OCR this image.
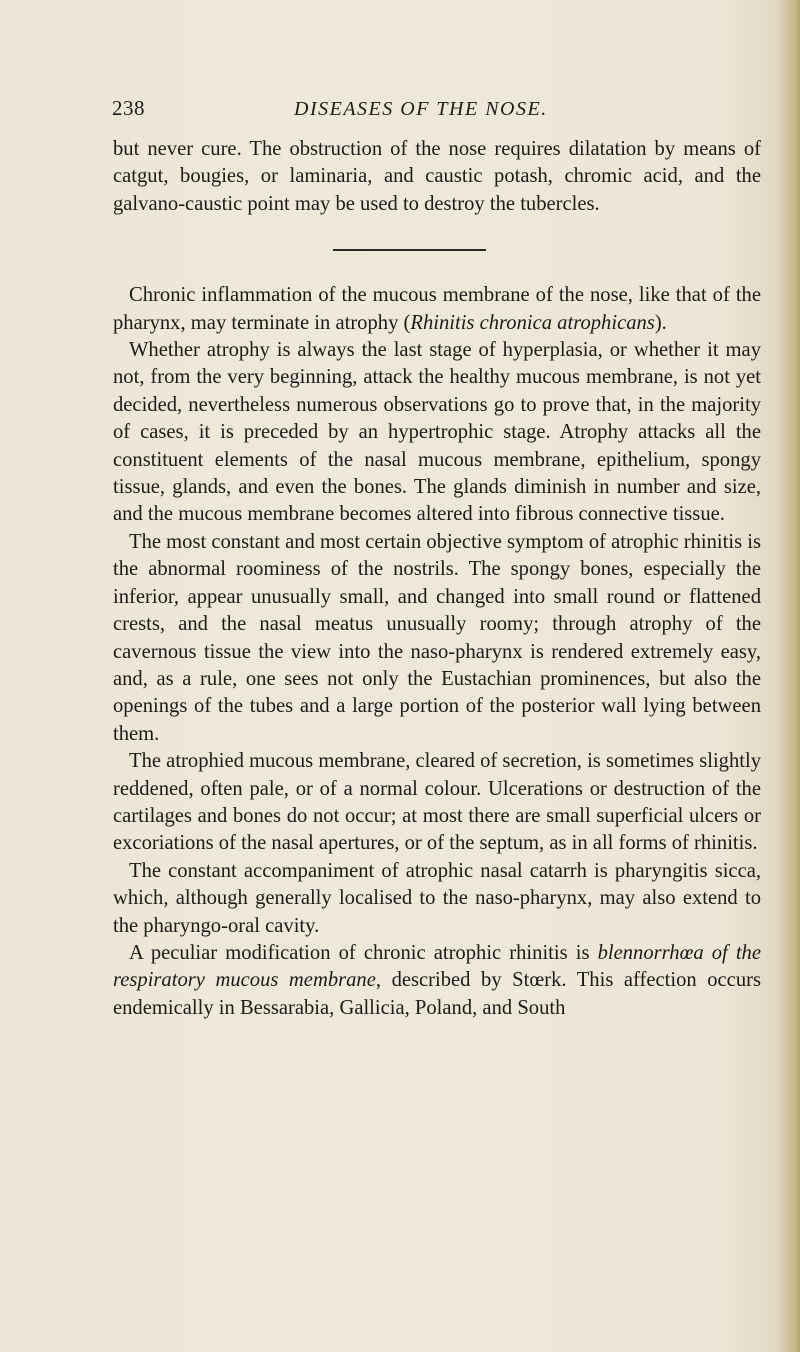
238	DISEASES OF THE NOSE.

but never cure. The obstruction of the nose requires dilatation by means of catgut, bougies, or laminaria, and caustic potash, chromic acid, and the galvano-caustic point may be used to destroy the tubercles.

Chronic inflammation of the mucous membrane of the nose, like that of the pharynx, may terminate in atrophy (Rhinitis chronica atrophicans).

Whether atrophy is always the last stage of hyperplasia, or whether it may not, from the very beginning, attack the healthy mucous membrane, is not yet decided, nevertheless numerous observations go to prove that, in the majority of cases, it is preceded by an hypertrophic stage. Atrophy attacks all the constituent elements of the nasal mucous membrane, epithelium, spongy tissue, glands, and even the bones. The glands diminish in number and size, and the mucous membrane becomes altered into fibrous connective tissue.

The most constant and most certain objective symptom of atrophic rhinitis is the abnormal roominess of the nostrils. The spongy bones, especially the inferior, appear unusually small, and changed into small round or flattened crests, and the nasal meatus unusually roomy; through atrophy of the cavernous tissue the view into the naso-pharynx is rendered extremely easy, and, as a rule, one sees not only the Eustachian prominences, but also the openings of the tubes and a large portion of the posterior wall lying between them.

The atrophied mucous membrane, cleared of secretion, is sometimes slightly reddened, often pale, or of a normal colour. Ulcerations or destruction of the cartilages and bones do not occur; at most there are small superficial ulcers or excoriations of the nasal apertures, or of the septum, as in all forms of rhinitis.

The constant accompaniment of atrophic nasal catarrh is pharyngitis sicca, which, although generally localised to the naso-pharynx, may also extend to the pharyngo-oral cavity.

A peculiar modification of chronic atrophic rhinitis is blennorrhœa of the respiratory mucous membrane, described by Stœrk. This affection occurs endemically in Bessarabia, Gallicia, Poland, and South
